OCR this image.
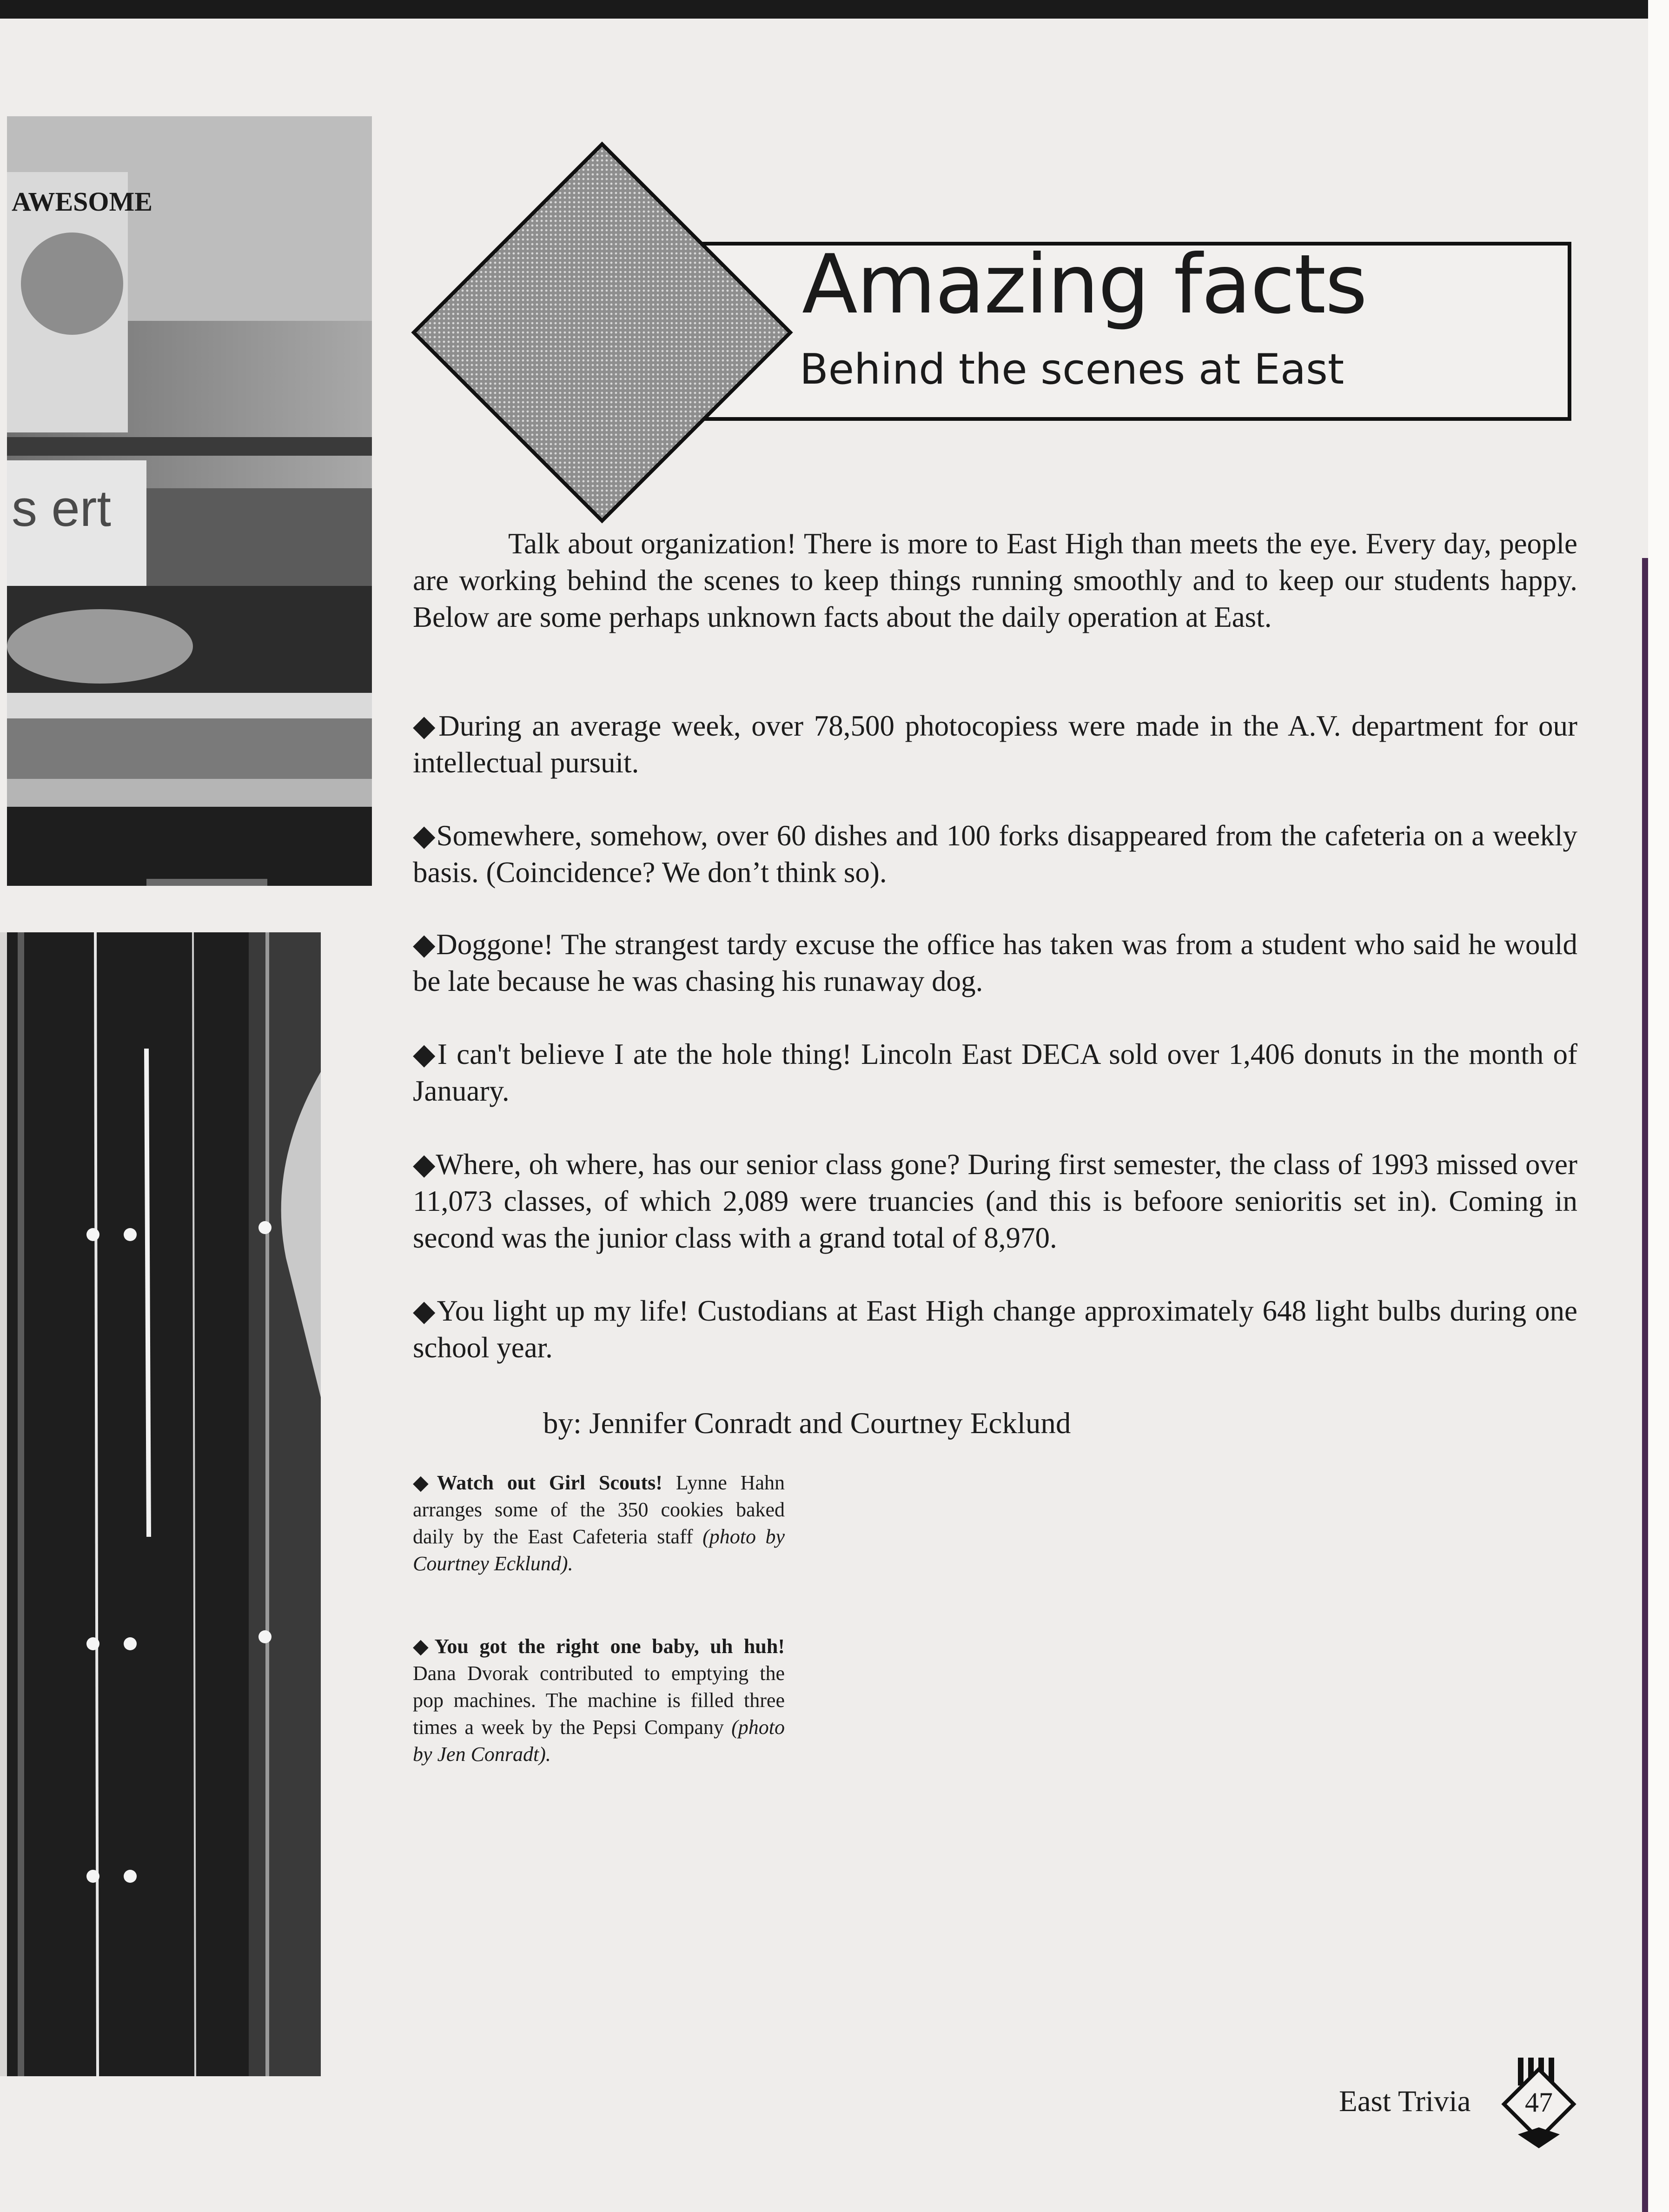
AWESOME
s ert
Amazing facts
Behind the scenes at East

Talk about organization! There is more to East High than meets the eye. Every day, people are working behind the scenes to keep things running smoothly and to keep our students happy. Below are some perhaps unknown facts about the daily operation at East.

◆During an average week, over 78,500 photocopiess were made in the A.V. department for our intellectual pursuit.

◆Somewhere, somehow, over 60 dishes and 100 forks disappeared from the cafeteria on a weekly basis. (Coincidence? We don’t think so).

◆Doggone! The strangest tardy excuse the office has taken was from a student who said he would be late because he was chasing his runaway dog.

◆I can't believe I ate the hole thing! Lincoln East DECA sold over 1,406 donuts in the month of January.

◆Where, oh where, has our senior class gone? During first semester, the class of 1993 missed over 11,073 classes, of which 2,089 were truancies (and this is befoore senioritis set in). Coming in second was the junior class with a grand total of 8,970.

◆You light up my life! Custodians at East High change approximately 648 light bulbs during one school year.

by: Jennifer Conradt and Courtney Ecklund

◆Watch out Girl Scouts! Lynne Hahn arranges some of the 350 cookies baked daily by the East Cafeteria staff (photo by Courtney Ecklund).

◆You got the right one baby, uh huh! Dana Dvorak contributed to emptying the pop machines. The machine is filled three times a week by the Pepsi Company (photo by Jen Conradt).

East Trivia	47
